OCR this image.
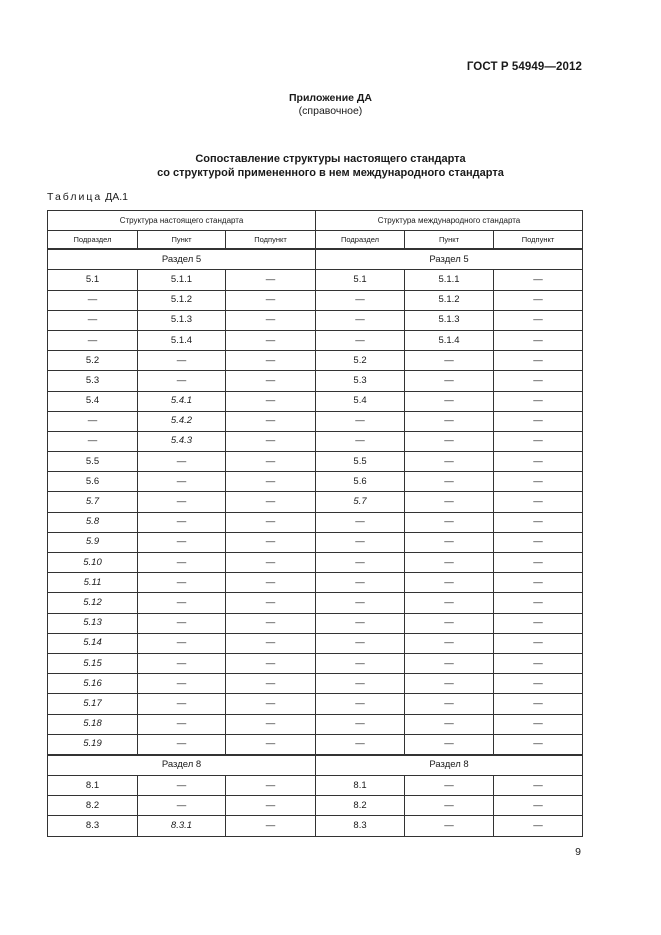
ГОСТ Р 54949—2012
Приложение ДА
(справочное)
Сопоставление структуры настоящего стандарта
со структурой примененного в нем международного стандарта
Таблица ДА.1
Структура настоящего стандарта			Структура международного стандарта		
Подраздел	Пункт	Подпункт	Подраздел	Пункт	Подпункт
Раздел 5			Раздел 5		
5.1	5.1.1	—	5.1	5.1.1	—
—	5.1.2	—	—	5.1.2	—
—	5.1.3	—	—	5.1.3	—
—	5.1.4	—	—	5.1.4	—
5.2	—	—	5.2	—	—
5.3	—	—	5.3	—	—
5.4	5.4.1	—	5.4	—	—
—	5.4.2	—	—	—	—
—	5.4.3	—	—	—	—
5.5	—	—	5.5	—	—
5.6	—	—	5.6	—	—
5.7	—	—	5.7	—	—
5.8	—	—	—	—	—
5.9	—	—	—	—	—
5.10	—	—	—	—	—
5.11	—	—	—	—	—
5.12	—	—	—	—	—
5.13	—	—	—	—	—
5.14	—	—	—	—	—
5.15	—	—	—	—	—
5.16	—	—	—	—	—
5.17	—	—	—	—	—
5.18	—	—	—	—	—
5.19	—	—	—	—	—
Раздел 8			Раздел 8		
8.1	—	—	8.1	—	—
8.2	—	—	8.2	—	—
8.3	8.3.1	—	8.3	—	—
9
